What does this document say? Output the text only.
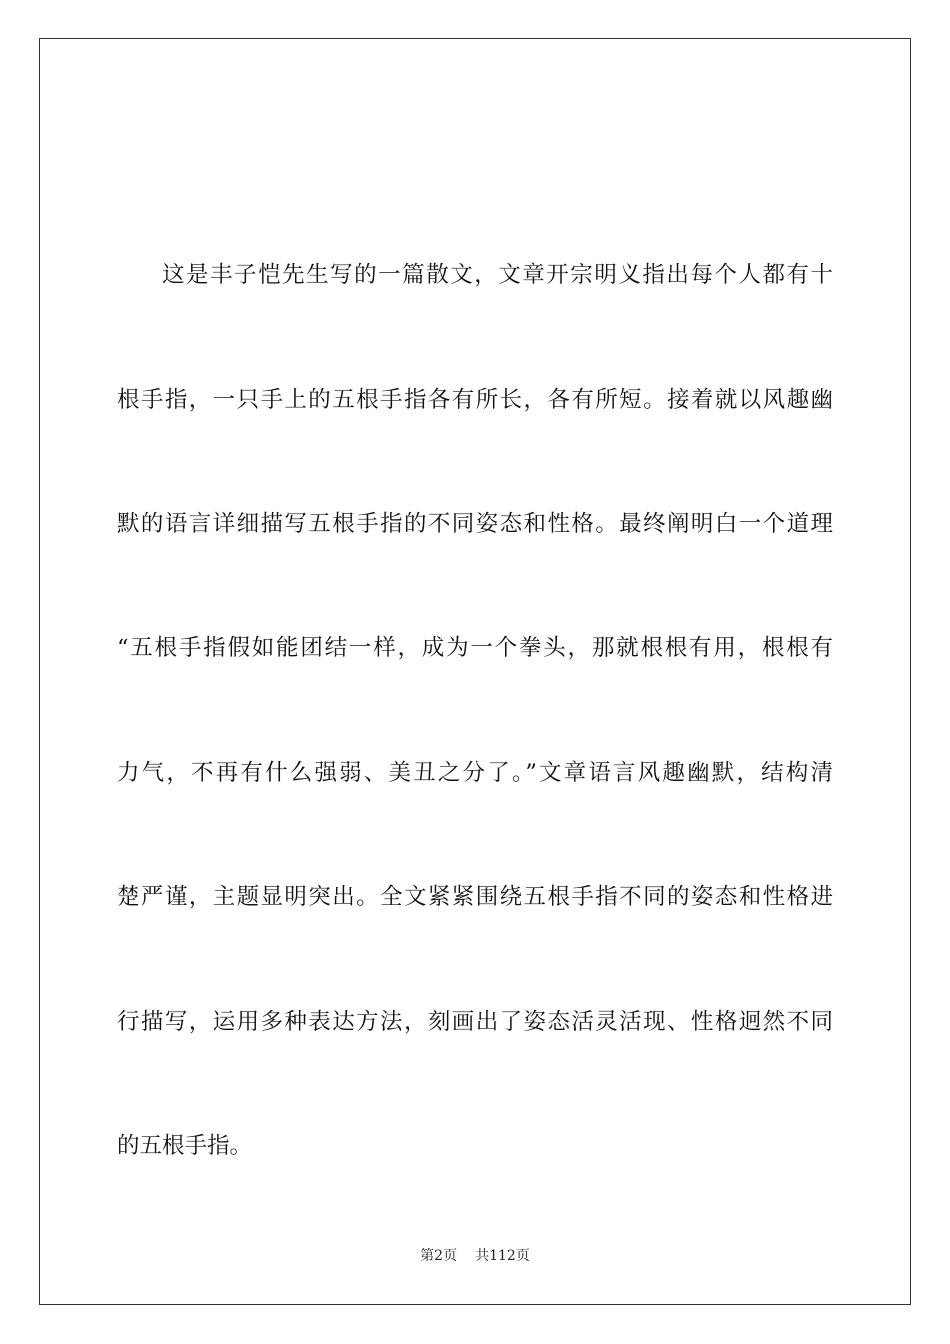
这是丰子恺先生写的一篇散文，文章开宗明义指出每个人都有十
根手指，一只手上的五根手指各有所长，各有所短。接着就以风趣幽
默的语言详细描写五根手指的不同姿态和性格。最终阐明白一个道理
“五根手指假如能团结一样，成为一个拳头，那就根根有用，根根有
力气，不再有什么强弱、美丑之分了。”文章语言风趣幽默，结构清
楚严谨，主题显明突出。全文紧紧围绕五根手指不同的姿态和性格进
行描写，运用多种表达方法，刻画出了姿态活灵活现、性格迥然不同
的五根手指。
第2页 共112页
